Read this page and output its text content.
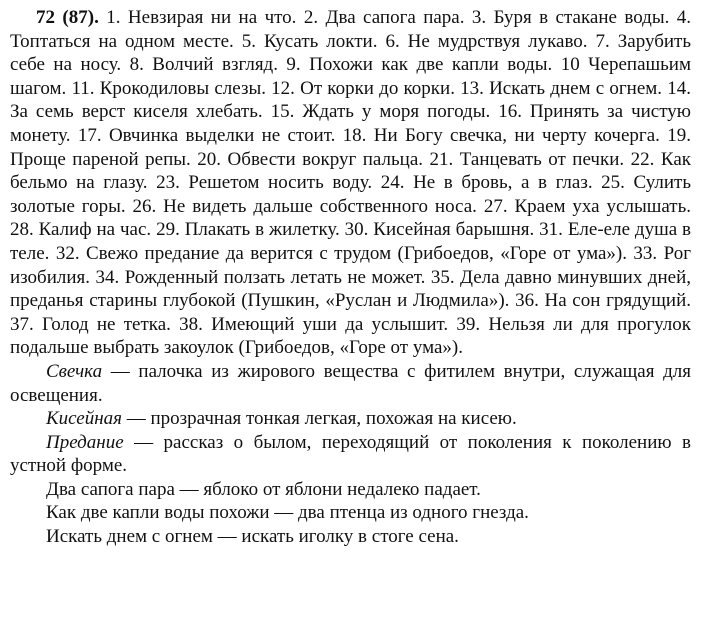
72 (87). 1. Невзирая ни на что. 2. Два сапога пара. 3. Буря в стакане воды. 4. Топтаться на одном месте. 5. Кусать локти. 6. Не мудрствуя лукаво. 7. Зарубить себе на носу. 8. Волчий взгляд. 9. Похожи как две капли воды. 10 Черепашьим шагом. 11. Крокодиловы слезы. 12. От корки до корки. 13. Искать днем с огнем. 14. За семь верст киселя хлебать. 15. Ждать у моря погоды. 16. Принять за чистую монету. 17. Овчинка выделки не стоит. 18. Ни Богу свечка, ни черту кочерга. 19. Проще пареной репы. 20. Обвести вокруг пальца. 21. Танцевать от печки. 22. Как бельмо на глазу. 23. Решетом носить воду. 24. Не в бровь, а в глаз. 25. Сулить золотые горы. 26. Не видеть дальше собственного носа. 27. Краем уха услышать. 28. Калиф на час. 29. Плакать в жилетку. 30. Кисейная барышня. 31. Еле-еле душа в теле. 32. Свежо предание да верится с трудом (Грибоедов, «Горе от ума»). 33. Рог изобилия. 34. Рожденный ползать летать не может. 35. Дела давно минувших дней, преданья старины глубокой (Пушкин, «Руслан и Людмила»). 36. На сон грядущий. 37. Голод не тетка. 38. Имеющий уши да услышит. 39. Нельзя ли для прогулок подальше выбрать закоулок (Грибоедов, «Горе от ума»).

Свечка — палочка из жирового вещества с фитилем внутри, служащая для освещения.

Кисейная — прозрачная тонкая легкая, похожая на кисею.

Предание — рассказ о былом, переходящий от поколения к поколению в устной форме.

Два сапога пара — яблоко от яблони недалеко падает.

Как две капли воды похожи — два птенца из одного гнезда.

Искать днем с огнем — искать иголку в стоге сена.
